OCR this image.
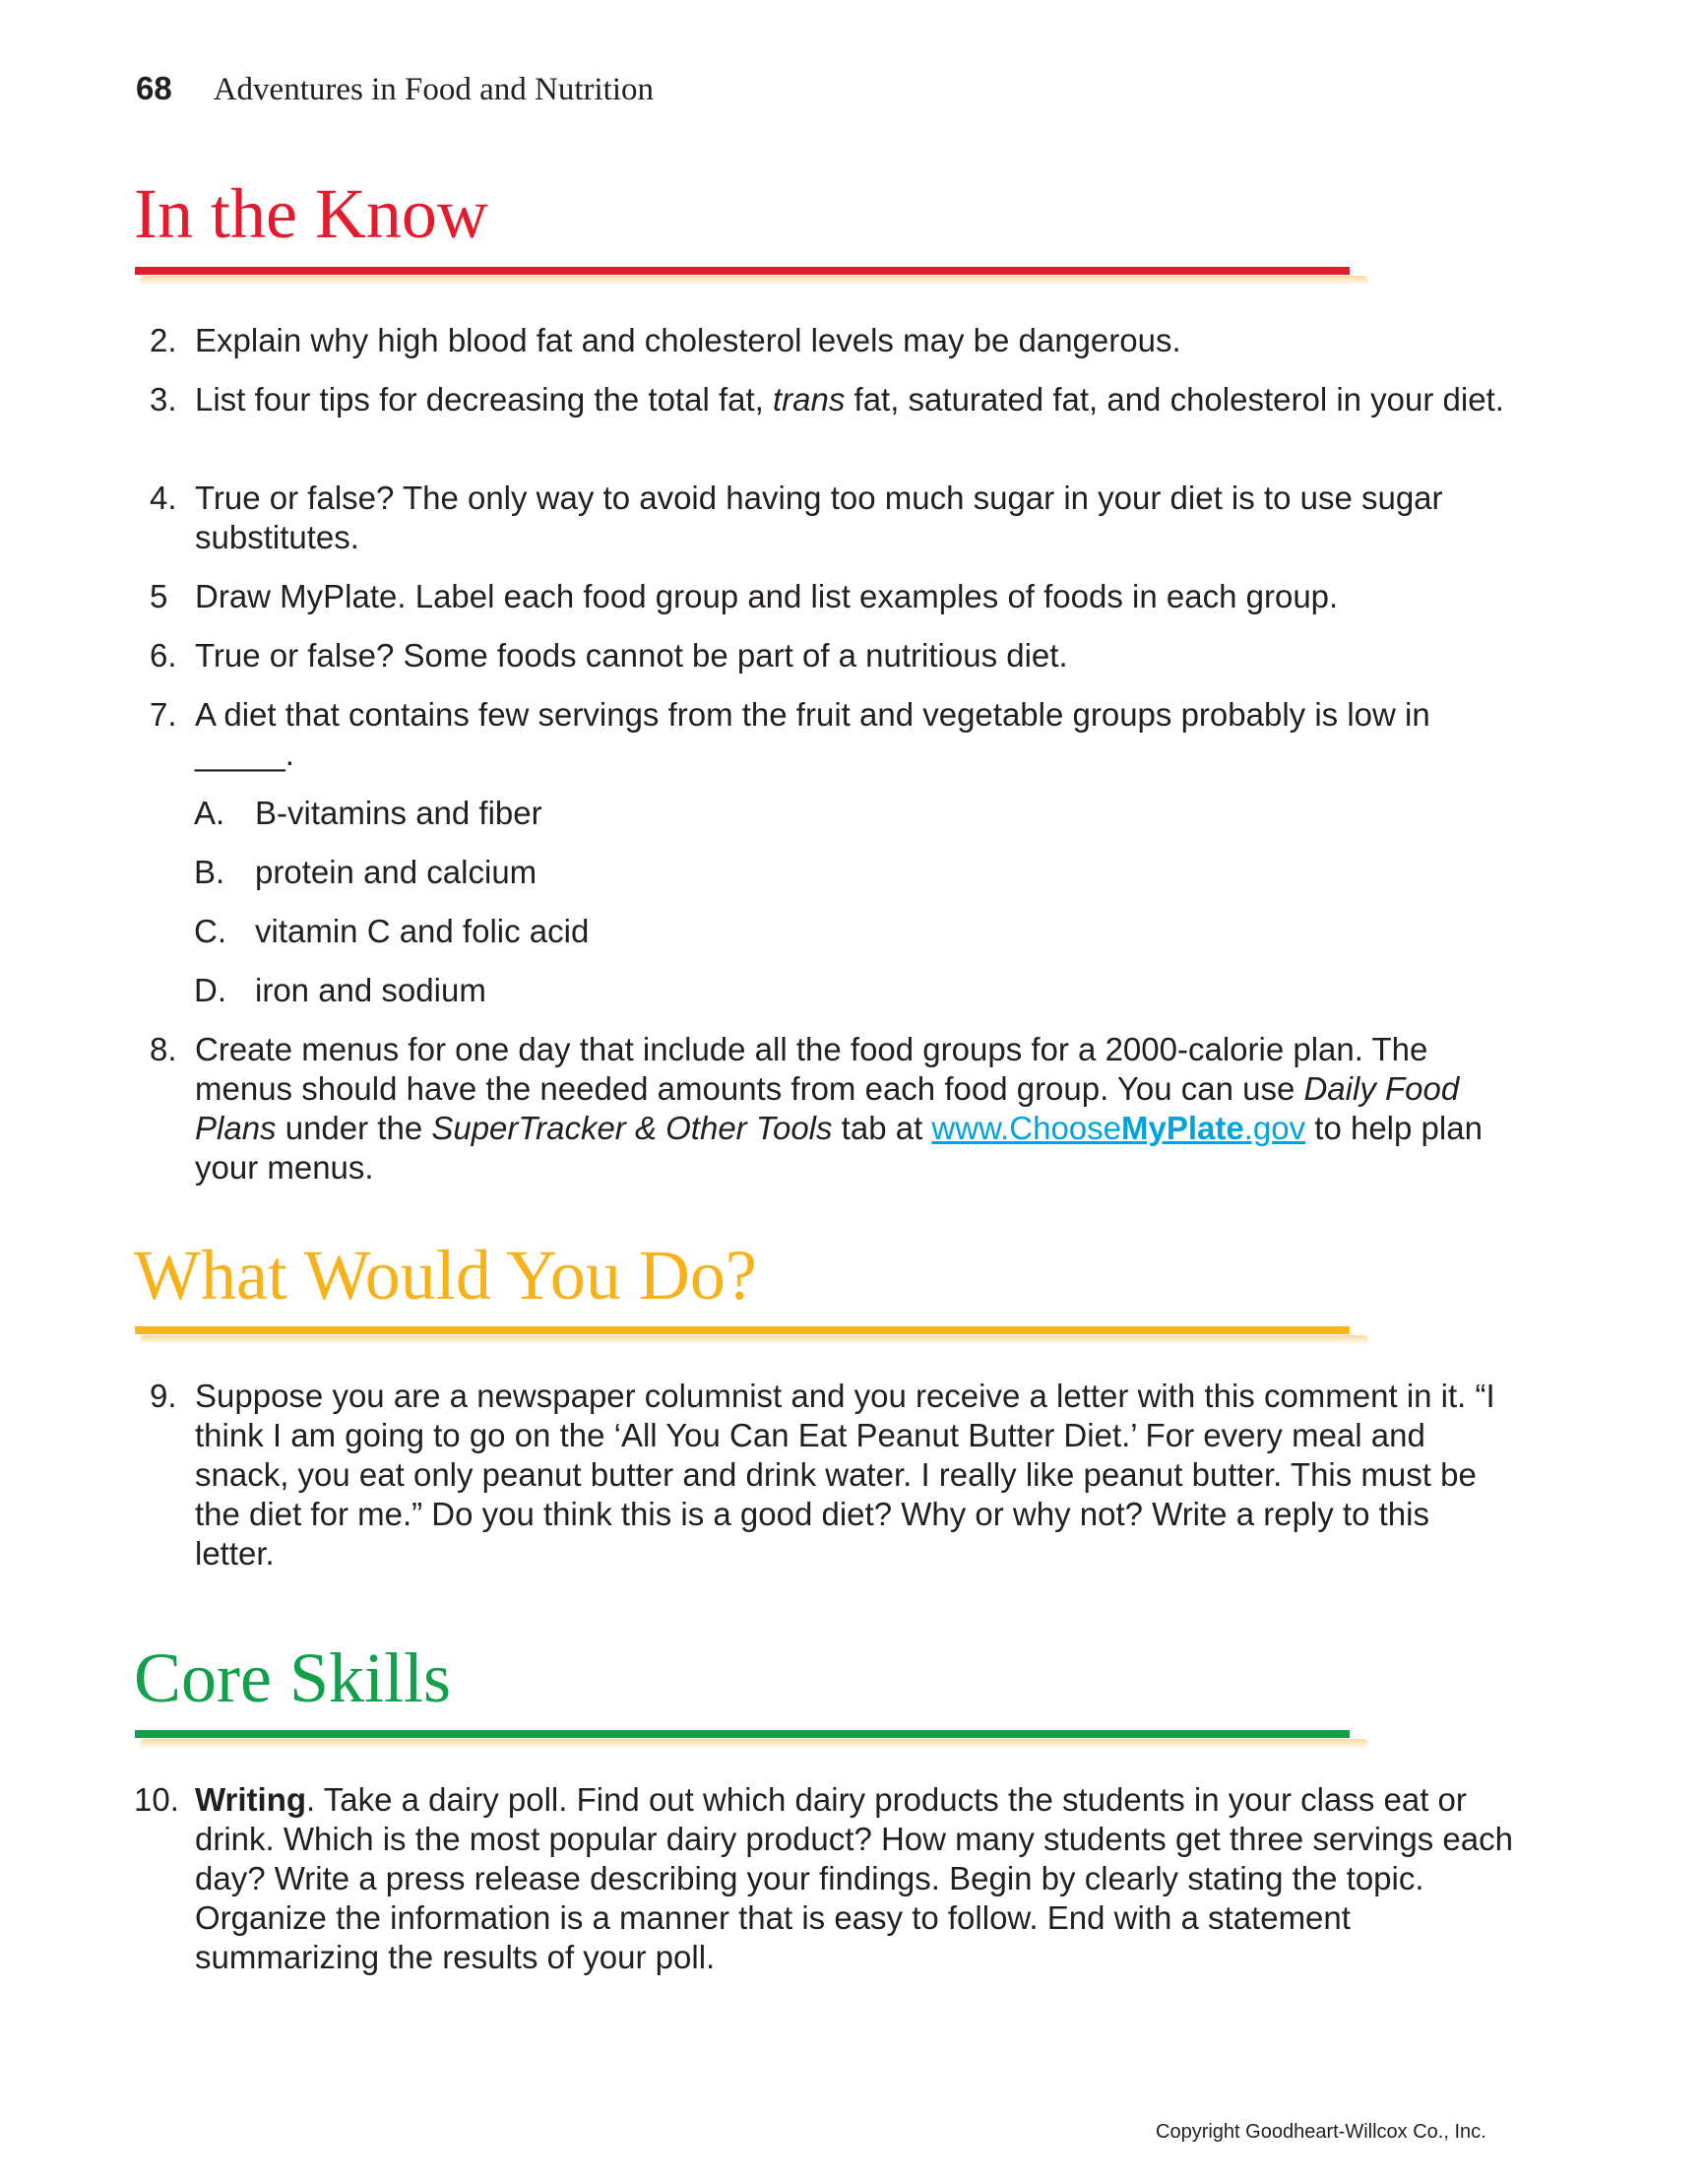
68 Adventures in Food and Nutrition
In the Know
2. Explain why high blood fat and cholesterol levels may be dangerous.
3. List four tips for decreasing the total fat, trans fat, saturated fat, and cholesterol in your diet.
4. True or false? The only way to avoid having too much sugar in your diet is to use sugar substitutes.
5 Draw MyPlate. Label each food group and list examples of foods in each group.
6. True or false? Some foods cannot be part of a nutritious diet.
7. A diet that contains few servings from the fruit and vegetable groups probably is low in _____.
A. B-vitamins and fiber
B. protein and calcium
C. vitamin C and folic acid
D. iron and sodium
8. Create menus for one day that include all the food groups for a 2000-calorie plan. The menus should have the needed amounts from each food group. You can use Daily Food Plans under the SuperTracker & Other Tools tab at www.ChooseMyPlate.gov to help plan your menus.
What Would You Do?
9. Suppose you are a newspaper columnist and you receive a letter with this comment in it. “I think I am going to go on the ‘All You Can Eat Peanut Butter Diet.’ For every meal and snack, you eat only peanut butter and drink water. I really like peanut butter. This must be the diet for me.” Do you think this is a good diet? Why or why not? Write a reply to this letter.
Core Skills
10. Writing. Take a dairy poll. Find out which dairy products the students in your class eat or drink. Which is the most popular dairy product? How many students get three servings each day? Write a press release describing your findings. Begin by clearly stating the topic. Organize the information is a manner that is easy to follow. End with a statement summarizing the results of your poll.
Copyright Goodheart-Willcox Co., Inc.
